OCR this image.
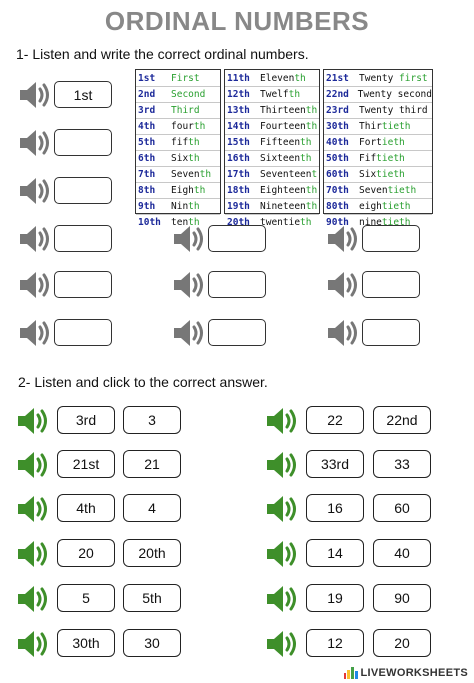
ORDINAL NUMBERS
1- Listen and write the correct ordinal numbers.
2- Listen and click to the correct answer.
1st
1st	First
2nd	Second
3rd	Third
4th	fourth
5th	fifth
6th	Sixth
7th	Seventh
8th	Eighth
9th	Ninth
10th	tenth
11th	Eleventh
12th	Twelfth
13th	Thirteenth
14th	Fourteenth
15th	Fifteenth
16th	Sixteenth
17th	Seventeent
18th	Eighteenth
19th	Nineteenth
20th	twentieth
21st	Twenty first
22nd Twenty second
23rd	Twenty third
30th	Thirtieth
40th	Fortieth
50th	Fiftieth
60th	Sixtieth
70th	Seventieth
80th	eightieth
90th	ninetieth
3rd	3
21st	21
4th	4
20	20th
5	5th
30th	30
22	22nd
33rd	33
16	60
14	40
19	90
12	20
LIVEWORKSHEETS
